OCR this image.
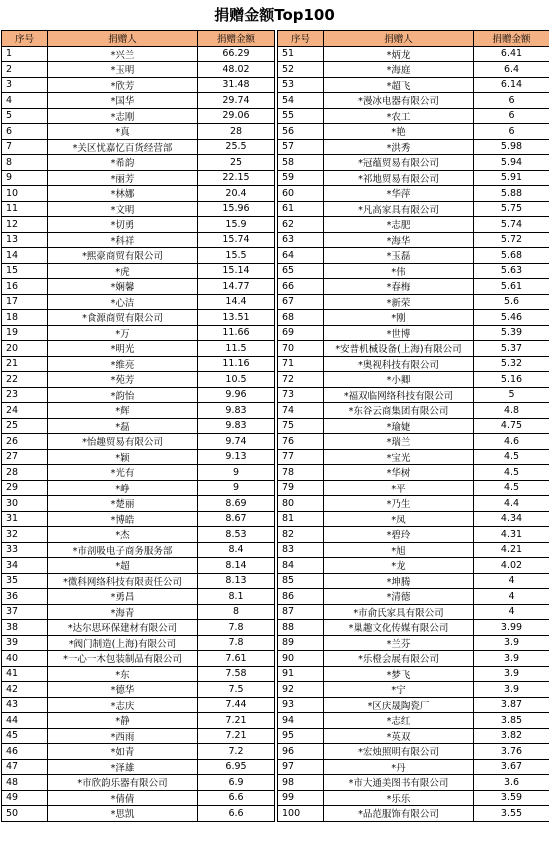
捐赠金额Top100
序号	捐赠人	捐赠金额
1	*兴兰	66.29
2	*玉明	48.02
3	*欣芳	31.48
4	*国华	29.74
5	*志刚	29.06
6	*真	28
7	*关区忧嘉忆百货经营部	25.5
8	*希韵	25
9	*丽芳	22.15
10	*林娜	20.4
11	*文明	15.96
12	*切勇	15.9
13	*科祥	15.74
14	*熙豪商贸有限公司	15.5
15	*虎	15.14
16	*娴馨	14.77
17	*心洁	14.4
18	*食源商贸有限公司	13.51
19	*万	11.66
20	*明光	11.5
21	*维亮	11.16
22	*苑芳	10.5
23	*韵怡	9.96
24	*辉	9.83
25	*磊	9.83
26	*怡趣贸易有限公司	9.74
27	*颖	9.13
28	*光有	9
29	*峥	9
30	*楚丽	8.69
31	*博皓	8.67
32	*杰	8.53
33	*市剖吸电子商务服务部	8.4
34	*超	8.14
35	*微科网络科技有限责任公司	8.13
36	*勇昌	8.1
37	*海青	8
38	*达尔思环保建材有限公司	7.8
39	*阀门制造(上海)有限公司	7.8
40	*一心一木包装制品有限公司	7.61
41	*东	7.58
42	*德华	7.5
43	*志庆	7.44
44	*静	7.21
45	*西雨	7.21
46	*如青	7.2
47	*泽雄	6.95
48	*市欣韵乐器有限公司	6.9
49	*倩倩	6.6
50	*思凯	6.6
序号	捐赠人	捐赠金额
51	*炳龙	6.41
52	*海庭	6.4
53	*超飞	6.14
54	*漫冰电器有限公司	6
55	*农工	6
56	*艳	6
57	*洪秀	5.98
58	*冠蕴贸易有限公司	5.94
59	*祁地贸易有限公司	5.91
60	*华萍	5.88
61	*凡高家具有限公司	5.75
62	*志肥	5.74
63	*海华	5.72
64	*玉磊	5.68
65	*伟	5.63
66	*春梅	5.61
67	*新荣	5.6
68	*刚	5.46
69	*世博	5.39
70	*安普机械设备(上海)有限公司	5.37
71	*奥视科技有限公司	5.32
72	*小卿	5.16
73	*福双临网络科技有限公司	5
74	*东谷云商集团有限公司	4.8
75	*瑜婕	4.75
76	*瑞兰	4.6
77	*宝光	4.5
78	*华树	4.5
79	*平	4.5
80	*乃生	4.4
81	*凤	4.34
82	*碧玲	4.31
83	*旭	4.21
84	*龙	4.02
85	*坤腾	4
86	*清德	4
87	*市俞氏家具有限公司	4
88	*巢趣文化传媒有限公司	3.99
89	*兰芬	3.9
90	*乐橙会展有限公司	3.9
91	*梦飞	3.9
92	*宁	3.9
93	*区庆晟陶瓷厂	3.87
94	*志红	3.85
95	*英双	3.82
96	*宏烛照明有限公司	3.76
97	*丹	3.67
98	*市大通美图书有限公司	3.6
99	*乐乐	3.59
100	*品范服饰有限公司	3.55
